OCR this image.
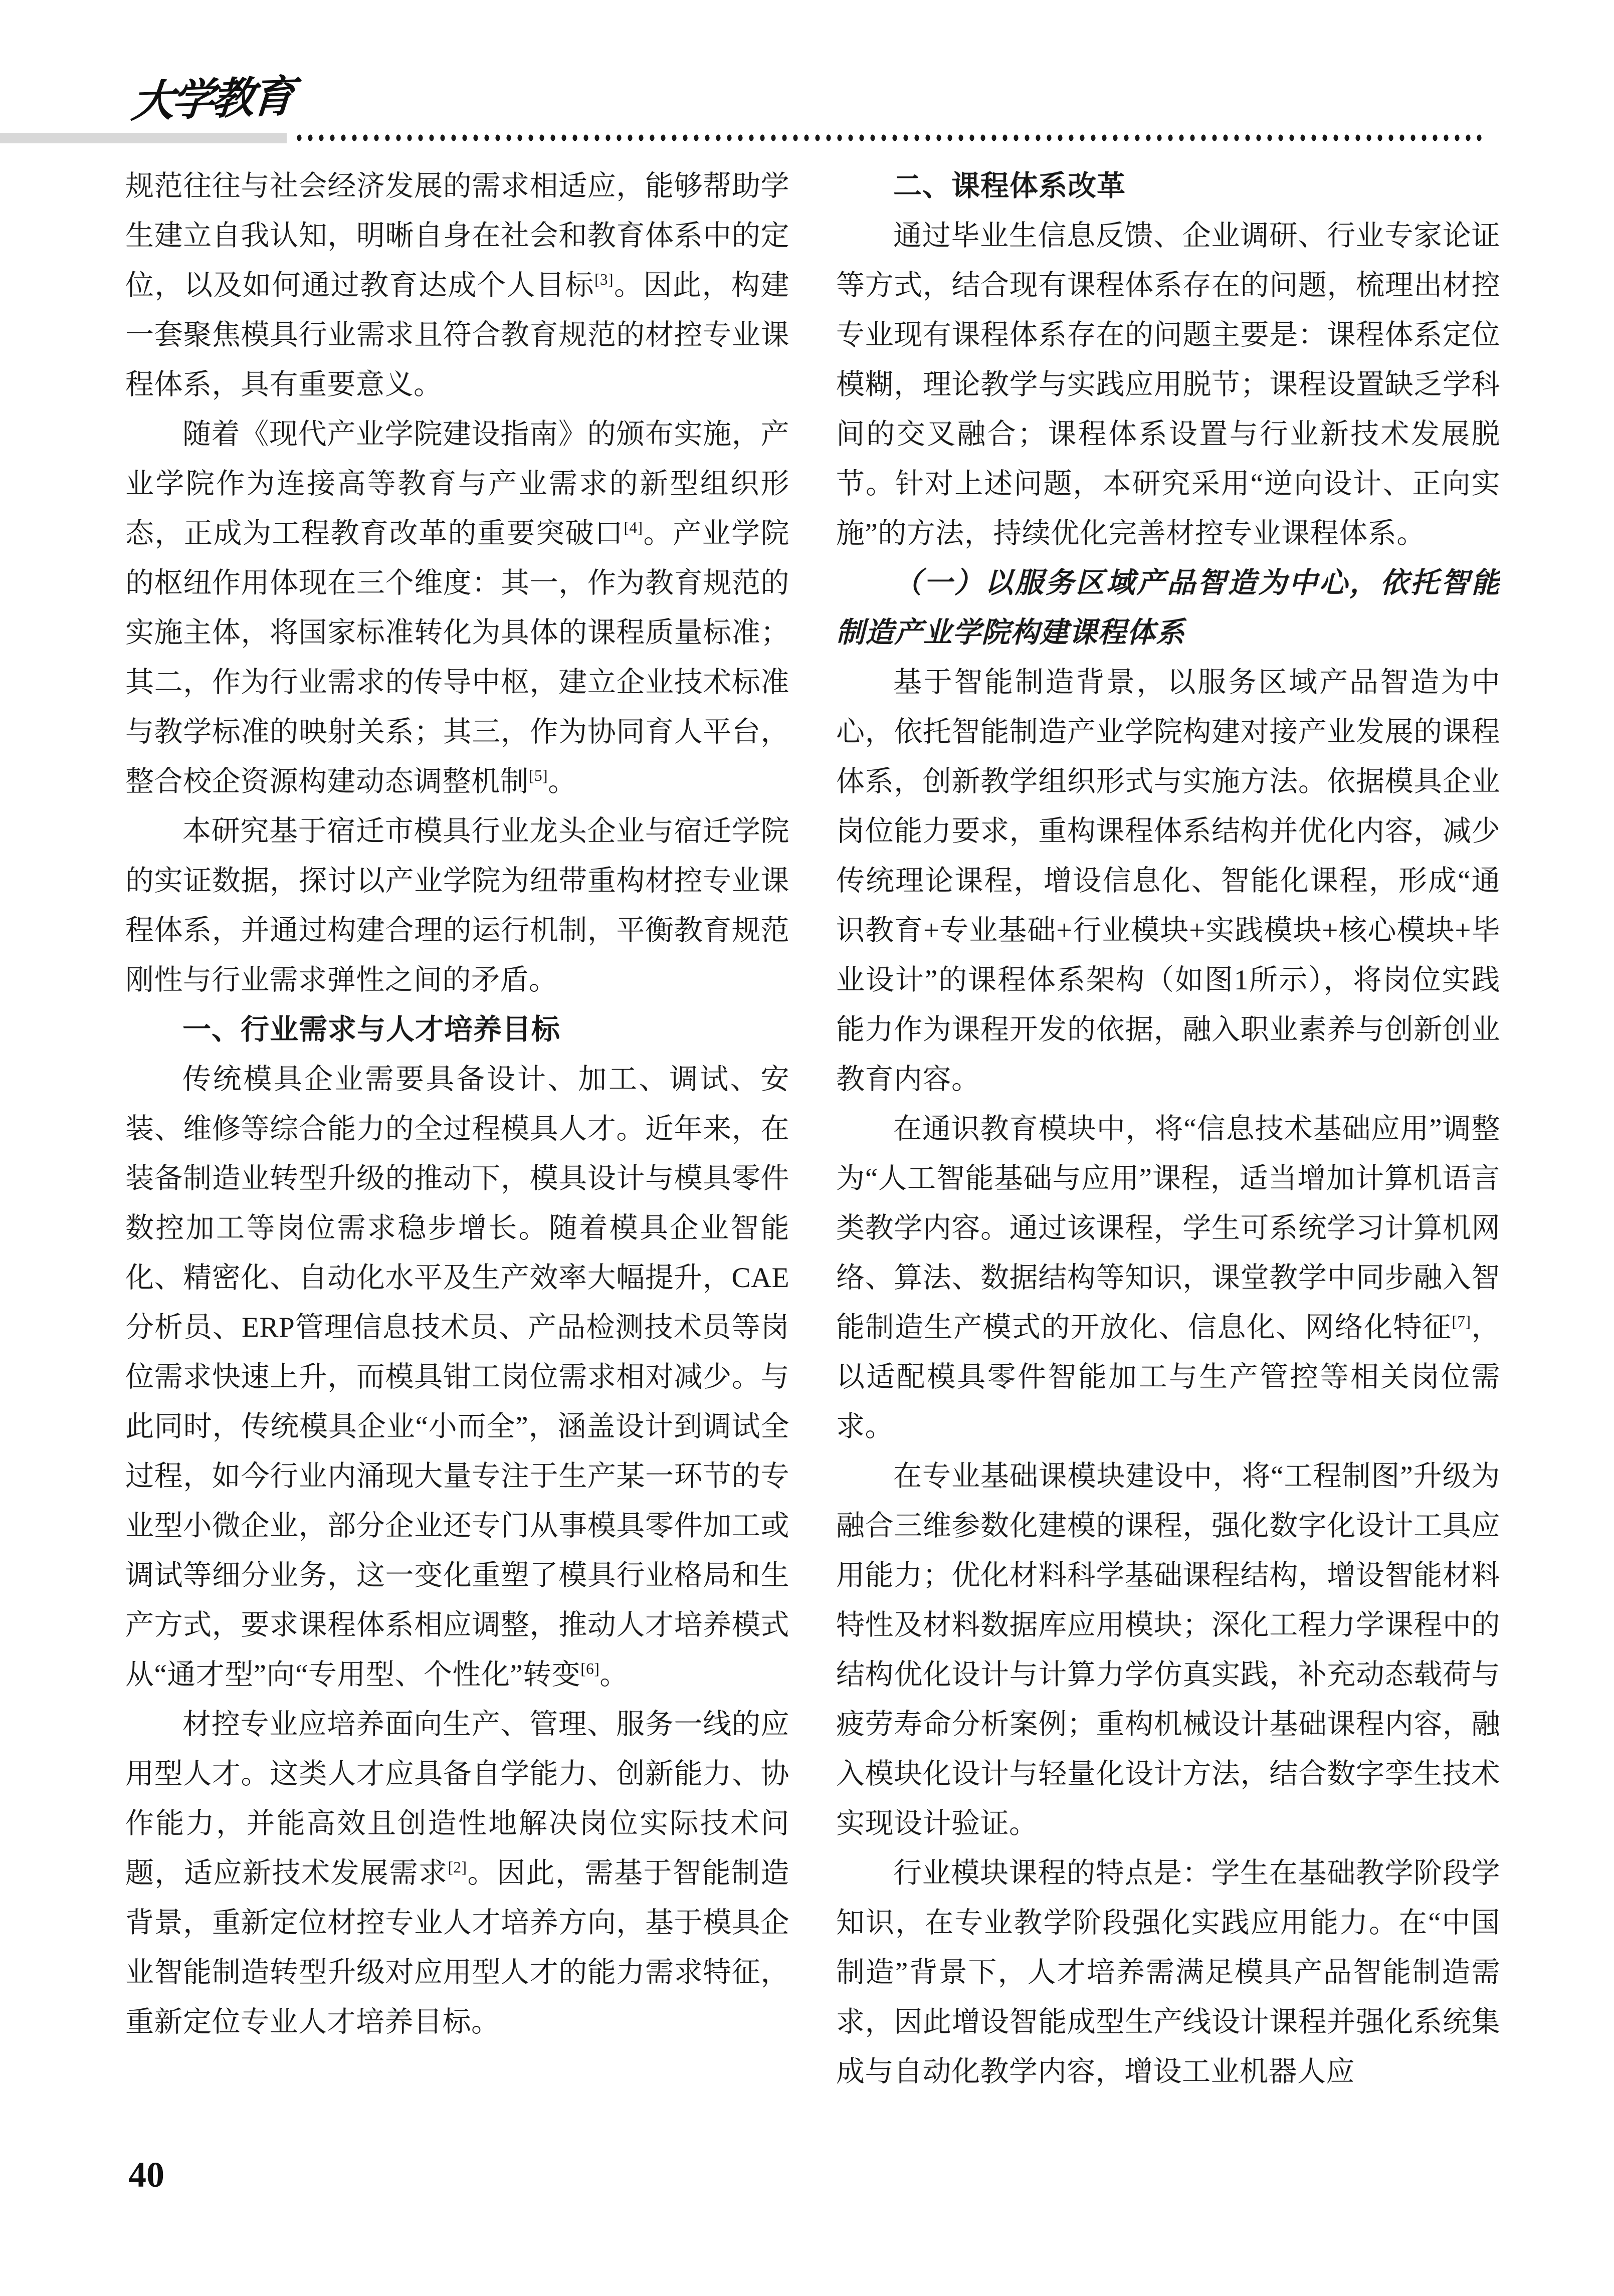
大学教育

规范往往与社会经济发展的需求相适应，能够帮助学生建立自我认知，明晰自身在社会和教育体系中的定位，以及如何通过教育达成个人目标[3]。因此，构建一套聚焦模具行业需求且符合教育规范的材控专业课程体系，具有重要意义。

随着《现代产业学院建设指南》的颁布实施，产业学院作为连接高等教育与产业需求的新型组织形态，正成为工程教育改革的重要突破口[4]。产业学院的枢纽作用体现在三个维度：其一，作为教育规范的实施主体，将国家标准转化为具体的课程质量标准；其二，作为行业需求的传导中枢，建立企业技术标准与教学标准的映射关系；其三，作为协同育人平台，整合校企资源构建动态调整机制[5]。

本研究基于宿迁市模具行业龙头企业与宿迁学院的实证数据，探讨以产业学院为纽带重构材控专业课程体系，并通过构建合理的运行机制，平衡教育规范刚性与行业需求弹性之间的矛盾。

一、行业需求与人才培养目标

传统模具企业需要具备设计、加工、调试、安装、维修等综合能力的全过程模具人才。近年来，在装备制造业转型升级的推动下，模具设计与模具零件数控加工等岗位需求稳步增长。随着模具企业智能化、精密化、自动化水平及生产效率大幅提升，CAE分析员、ERP管理信息技术员、产品检测技术员等岗位需求快速上升，而模具钳工岗位需求相对减少。与此同时，传统模具企业“小而全”，涵盖设计到调试全过程，如今行业内涌现大量专注于生产某一环节的专业型小微企业，部分企业还专门从事模具零件加工或调试等细分业务，这一变化重塑了模具行业格局和生产方式，要求课程体系相应调整，推动人才培养模式从“通才型”向“专用型、个性化”转变[6]。

材控专业应培养面向生产、管理、服务一线的应用型人才。这类人才应具备自学能力、创新能力、协作能力，并能高效且创造性地解决岗位实际技术问题，适应新技术发展需求[2]。因此，需基于智能制造背景，重新定位材控专业人才培养方向，基于模具企业智能制造转型升级对应用型人才的能力需求特征，重新定位专业人才培养目标。

二、课程体系改革

通过毕业生信息反馈、企业调研、行业专家论证等方式，结合现有课程体系存在的问题，梳理出材控专业现有课程体系存在的问题主要是：课程体系定位模糊，理论教学与实践应用脱节；课程设置缺乏学科间的交叉融合；课程体系设置与行业新技术发展脱节。针对上述问题，本研究采用“逆向设计、正向实施”的方法，持续优化完善材控专业课程体系。

（一）以服务区域产品智造为中心，依托智能制造产业学院构建课程体系

基于智能制造背景，以服务区域产品智造为中心，依托智能制造产业学院构建对接产业发展的课程体系，创新教学组织形式与实施方法。依据模具企业岗位能力要求，重构课程体系结构并优化内容，减少传统理论课程，增设信息化、智能化课程，形成“通识教育+专业基础+行业模块+实践模块+核心模块+毕业设计”的课程体系架构（如图1所示），将岗位实践能力作为课程开发的依据，融入职业素养与创新创业教育内容。

在通识教育模块中，将“信息技术基础应用”调整为“人工智能基础与应用”课程，适当增加计算机语言类教学内容。通过该课程，学生可系统学习计算机网络、算法、数据结构等知识，课堂教学中同步融入智能制造生产模式的开放化、信息化、网络化特征[7]，以适配模具零件智能加工与生产管控等相关岗位需求。

在专业基础课模块建设中，将“工程制图”升级为融合三维参数化建模的课程，强化数字化设计工具应用能力；优化材料科学基础课程结构，增设智能材料特性及材料数据库应用模块；深化工程力学课程中的结构优化设计与计算力学仿真实践，补充动态载荷与疲劳寿命分析案例；重构机械设计基础课程内容，融入模块化设计与轻量化设计方法，结合数字孪生技术实现设计验证。

行业模块课程的特点是：学生在基础教学阶段学知识，在专业教学阶段强化实践应用能力。在“中国制造”背景下，人才培养需满足模具产品智能制造需求，因此增设智能成型生产线设计课程并强化系统集成与自动化教学内容，增设工业机器人应

40
